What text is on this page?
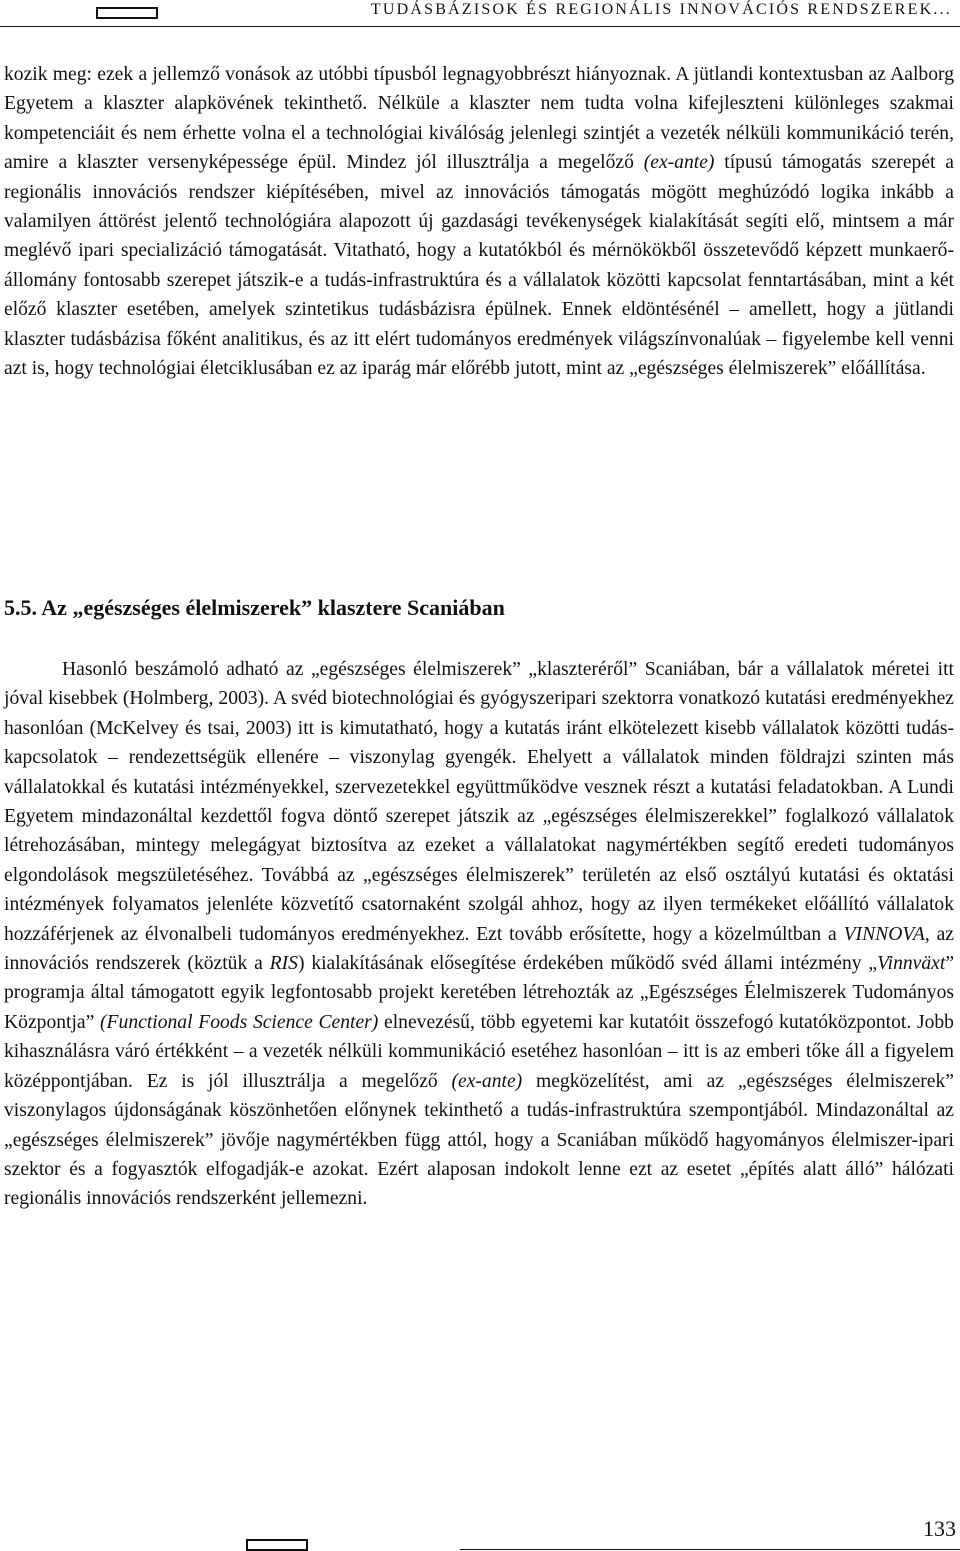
TUDÁSBÁZISOK ÉS REGIONÁLIS INNOVÁCIÓS RENDSZEREK...

kozik meg: ezek a jellemző vonások az utóbbi típusból legnagyobbrészt hiányoznak. A jütlandi kontextusban az Aalborg Egyetem a klaszter alapkövének tekinthető. Nélküle a klaszter nem tudta volna kifejleszteni különleges szakmai kompetenciáit és nem érhette volna el a technológiai kiválóság jelenlegi szintjét a vezeték nélküli kommunikáció terén, amire a klaszter versenyképessége épül. Mindez jól illusztrálja a megelőző (ex-ante) típusú támogatás szerepét a regionális innovációs rendszer kiépítésében, mivel az innovációs támogatás mögött meghúzódó logika inkább a valamilyen áttörést jelentő technológiára alapozott új gazdasági tevékenységek kialakítását segíti elő, mintsem a már meglévő ipari specializáció támogatását. Vitatható, hogy a kutatókból és mérnökökből összetevődő képzett munkaerő-állomány fontosabb szerepet játszik-e a tudás-infrastruktúra és a vállalatok közötti kapcsolat fenntartásában, mint a két előző klaszter esetében, amelyek szintetikus tudásbázisra épülnek. Ennek eldöntésénél – amellett, hogy a jütlandi klaszter tudásbázisa főként analitikus, és az itt elért tudományos eredmények világszínvonalúak – figyelembe kell venni azt is, hogy technológiai életciklusában ez az iparág már előrébb jutott, mint az „egészséges élelmiszerek” előállítása.

5.5. Az „egészséges élelmiszerek” klasztere Scaniában

Hasonló beszámoló adható az „egészséges élelmiszerek” „klaszteréről” Scaniában, bár a vállalatok méretei itt jóval kisebbek (Holmberg, 2003). A svéd biotechnológiai és gyógyszeripari szektorra vonatkozó kutatási eredményekhez hasonlóan (McKelvey és tsai, 2003) itt is kimutatható, hogy a kutatás iránt elkötelezett kisebb vállalatok közötti tudás-kapcsolatok – rendezettségük ellenére – viszonylag gyengék. Ehelyett a vállalatok minden földrajzi szinten más vállalatokkal és kutatási intézményekkel, szervezetekkel együttműködve vesznek részt a kutatási feladatokban. A Lundi Egyetem mindazonáltal kezdettől fogva döntő szerepet játszik az „egészséges élelmiszerekkel” foglalkozó vállalatok létrehozásában, mintegy melegágyat biztosítva az ezeket a vállalatokat nagymértékben segítő eredeti tudományos elgondolások megszületéséhez. Továbbá az „egészséges élelmiszerek” területén az első osztályú kutatási és oktatási intézmények folyamatos jelenléte közvetítő csatornaként szolgál ahhoz, hogy az ilyen termékeket előállító vállalatok hozzáférjenek az élvonalbeli tudományos eredményekhez. Ezt tovább erősítette, hogy a közelmúltban a VINNOVA, az innovációs rendszerek (köztük a RIS) kialakításának elősegítése érdekében működő svéd állami intézmény „Vinnväxt” programja által támogatott egyik legfontosabb projekt keretében létrehozták az „Egészséges Élelmiszerek Tudományos Központja” (Functional Foods Science Center) elnevezésű, több egyetemi kar kutatóit összefogó kutatóközpontot. Jobb kihasználásra váró értékként – a vezeték nélküli kommunikáció esetéhez hasonlóan – itt is az emberi tőke áll a figyelem középpontjában. Ez is jól illusztrálja a megelőző (ex-ante) megközelítést, ami az „egészséges élelmiszerek” viszonylagos újdonságának köszönhetően előnynek tekinthető a tudás-infrastruktúra szempontjából. Mindazonáltal az „egészséges élelmiszerek” jövője nagymértékben függ attól, hogy a Scaniában működő hagyományos élelmiszer-ipari szektor és a fogyasztók elfogadják-e azokat. Ezért alaposan indokolt lenne ezt az esetet „építés alatt álló” hálózati regionális innovációs rendszerként jellemezni.

133
